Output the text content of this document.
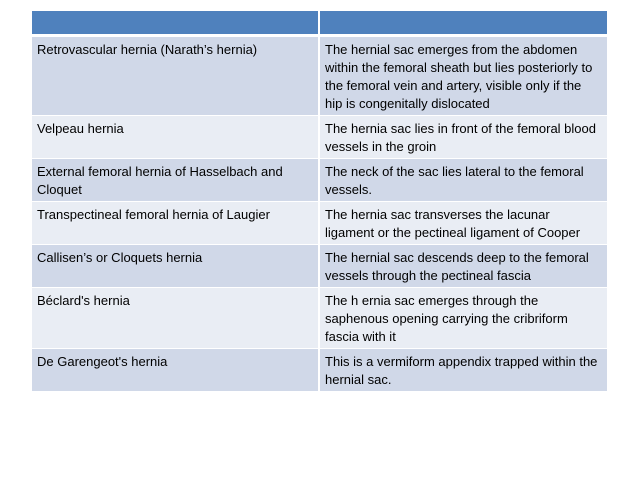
Retrovascular hernia (Narath’s hernia)	The hernial sac emerges from the abdomen within the femoral sheath but lies posteriorly to the femoral vein and artery, visible only if the hip is congenitally dislocated
Velpeau hernia	The hernia sac lies in front of the femoral blood vessels in the groin
External femoral hernia of Hasselbach and Cloquet	The neck of the sac lies lateral to the femoral vessels.
Transpectineal femoral hernia of Laugier	The hernia sac transverses the lacunar ligament or the pectineal ligament of Cooper
Callisen’s or Cloquets hernia	The hernial sac descends deep to the femoral vessels through the pectineal fascia
Béclard's hernia	The h ernia sac emerges through the saphenous opening carrying the cribriform fascia with it
De Garengeot's hernia	This is a vermiform appendix trapped within the hernial sac.
